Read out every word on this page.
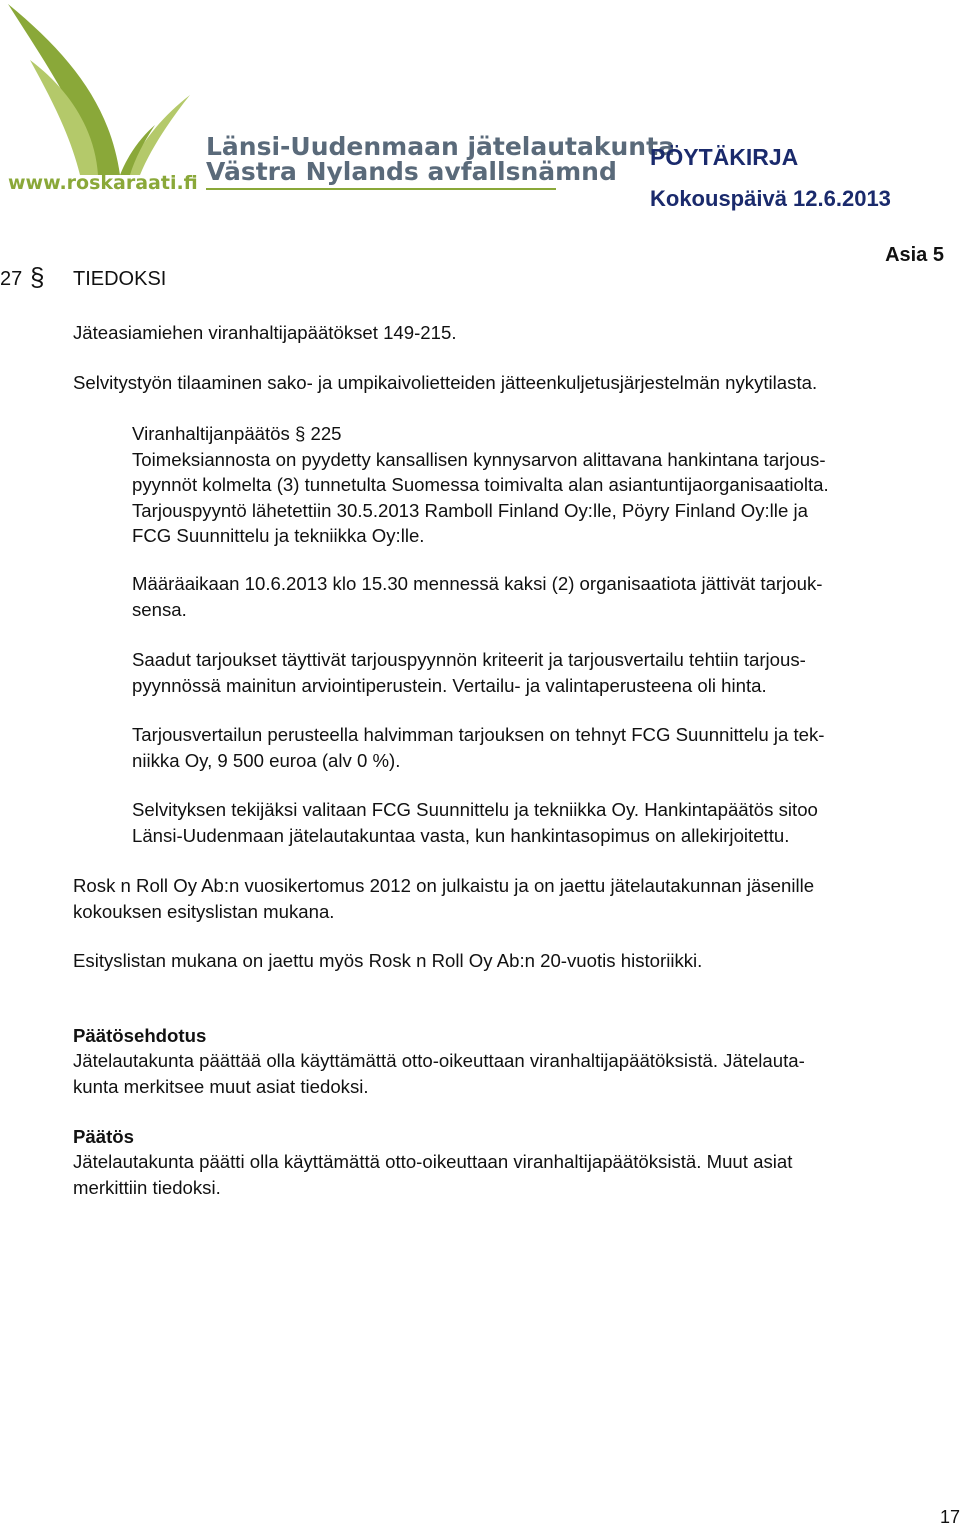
Länsi-Uudenmaan jätelautakunta
Västra Nylands avfallsnämnd
www.roskaraati.fi
PÖYTÄKIRJA
Kokouspäivä 12.6.2013
Asia 5
27 § TIEDOKSI
Jäteasiamiehen viranhaltijapäätökset 149-215.
Selvitystyön tilaaminen sako- ja umpikaivolietteiden jätteenkuljetusjärjestelmän nykytilasta.
Viranhaltijanpäätös § 225
Toimeksiannosta on pyydetty kansallisen kynnysarvon alittavana hankintana tarjous-
pyynnöt kolmelta (3) tunnetulta Suomessa toimivalta alan asiantuntijaorganisaatiolta.
Tarjouspyyntö lähetettiin 30.5.2013 Ramboll Finland Oy:lle, Pöyry Finland Oy:lle ja
FCG Suunnittelu ja tekniikka Oy:lle.
Määräaikaan 10.6.2013 klo 15.30 mennessä kaksi (2) organisaatiota jättivät tarjouk-
sensa.
Saadut tarjoukset täyttivät tarjouspyynnön kriteerit ja tarjousvertailu tehtiin tarjous-
pyynnössä mainitun arviointiperustein. Vertailu- ja valintaperusteena oli hinta.
Tarjousvertailun perusteella halvimman tarjouksen on tehnyt FCG Suunnittelu ja tek-
niikka Oy, 9 500 euroa (alv 0 %).
Selvityksen tekijäksi valitaan FCG Suunnittelu ja tekniikka Oy. Hankintapäätös sitoo
Länsi-Uudenmaan jätelautakuntaa vasta, kun hankintasopimus on allekirjoitettu.
Rosk n Roll Oy Ab:n vuosikertomus 2012 on julkaistu ja on jaettu jätelautakunnan jäsenille
kokouksen esityslistan mukana.
Esityslistan mukana on jaettu myös Rosk n Roll Oy Ab:n 20-vuotis historiikki.
Päätösehdotus
Jätelautakunta päättää olla käyttämättä otto-oikeuttaan viranhaltijapäätöksistä. Jätelauta-
kunta merkitsee muut asiat tiedoksi.
Päätös
Jätelautakunta päätti olla käyttämättä otto-oikeuttaan viranhaltijapäätöksistä. Muut asiat
merkittiin tiedoksi.
17
